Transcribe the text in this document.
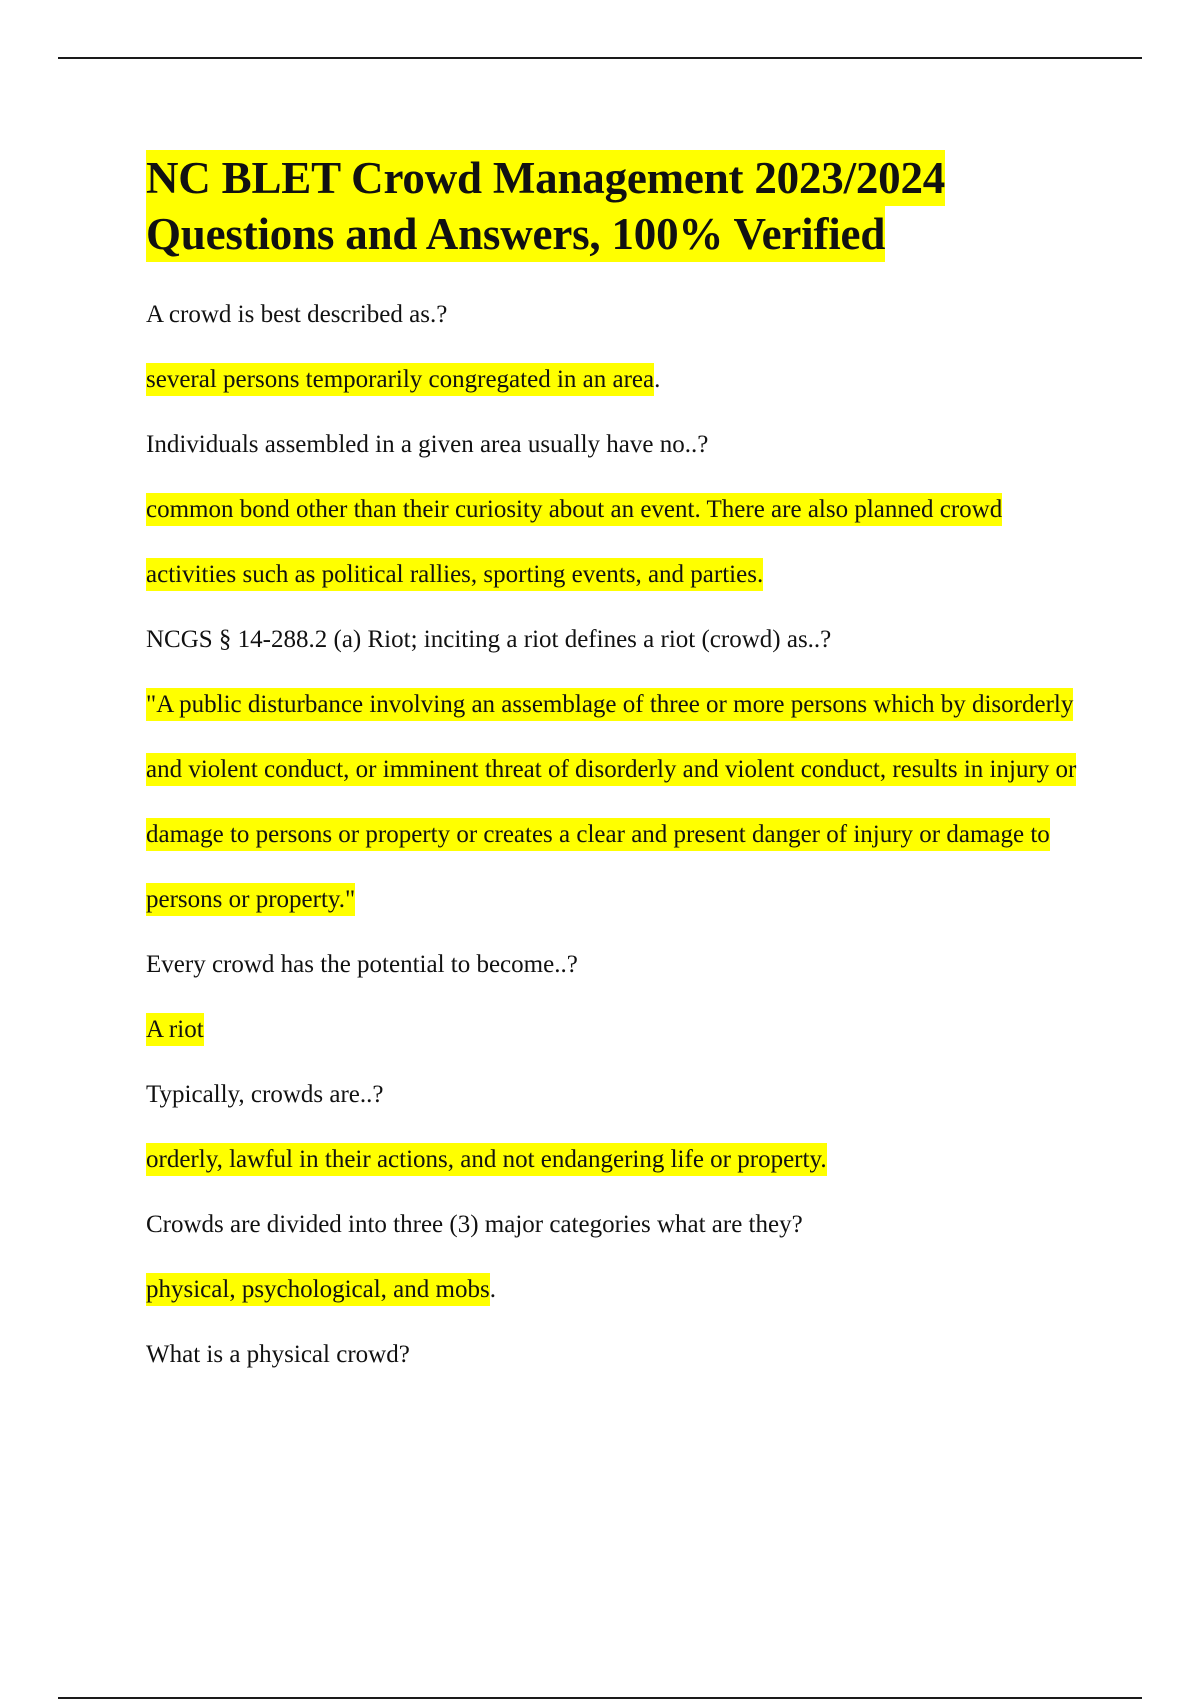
NC BLET Crowd Management 2023/2024
Questions and Answers, 100% Verified

A crowd is best described as.?

several persons temporarily congregated in an area.

Individuals assembled in a given area usually have no..?

common bond other than their curiosity about an event. There are also planned crowd activities such as political rallies, sporting events, and parties.

NCGS § 14-288.2 (a) Riot; inciting a riot defines a riot (crowd) as..?

"A public disturbance involving an assemblage of three or more persons which by disorderly and violent conduct, or imminent threat of disorderly and violent conduct, results in injury or damage to persons or property or creates a clear and present danger of injury or damage to persons or property."

Every crowd has the potential to become..?

A riot

Typically, crowds are..?

orderly, lawful in their actions, and not endangering life or property.

Crowds are divided into three (3) major categories what are they?

physical, psychological, and mobs.

What is a physical crowd?
